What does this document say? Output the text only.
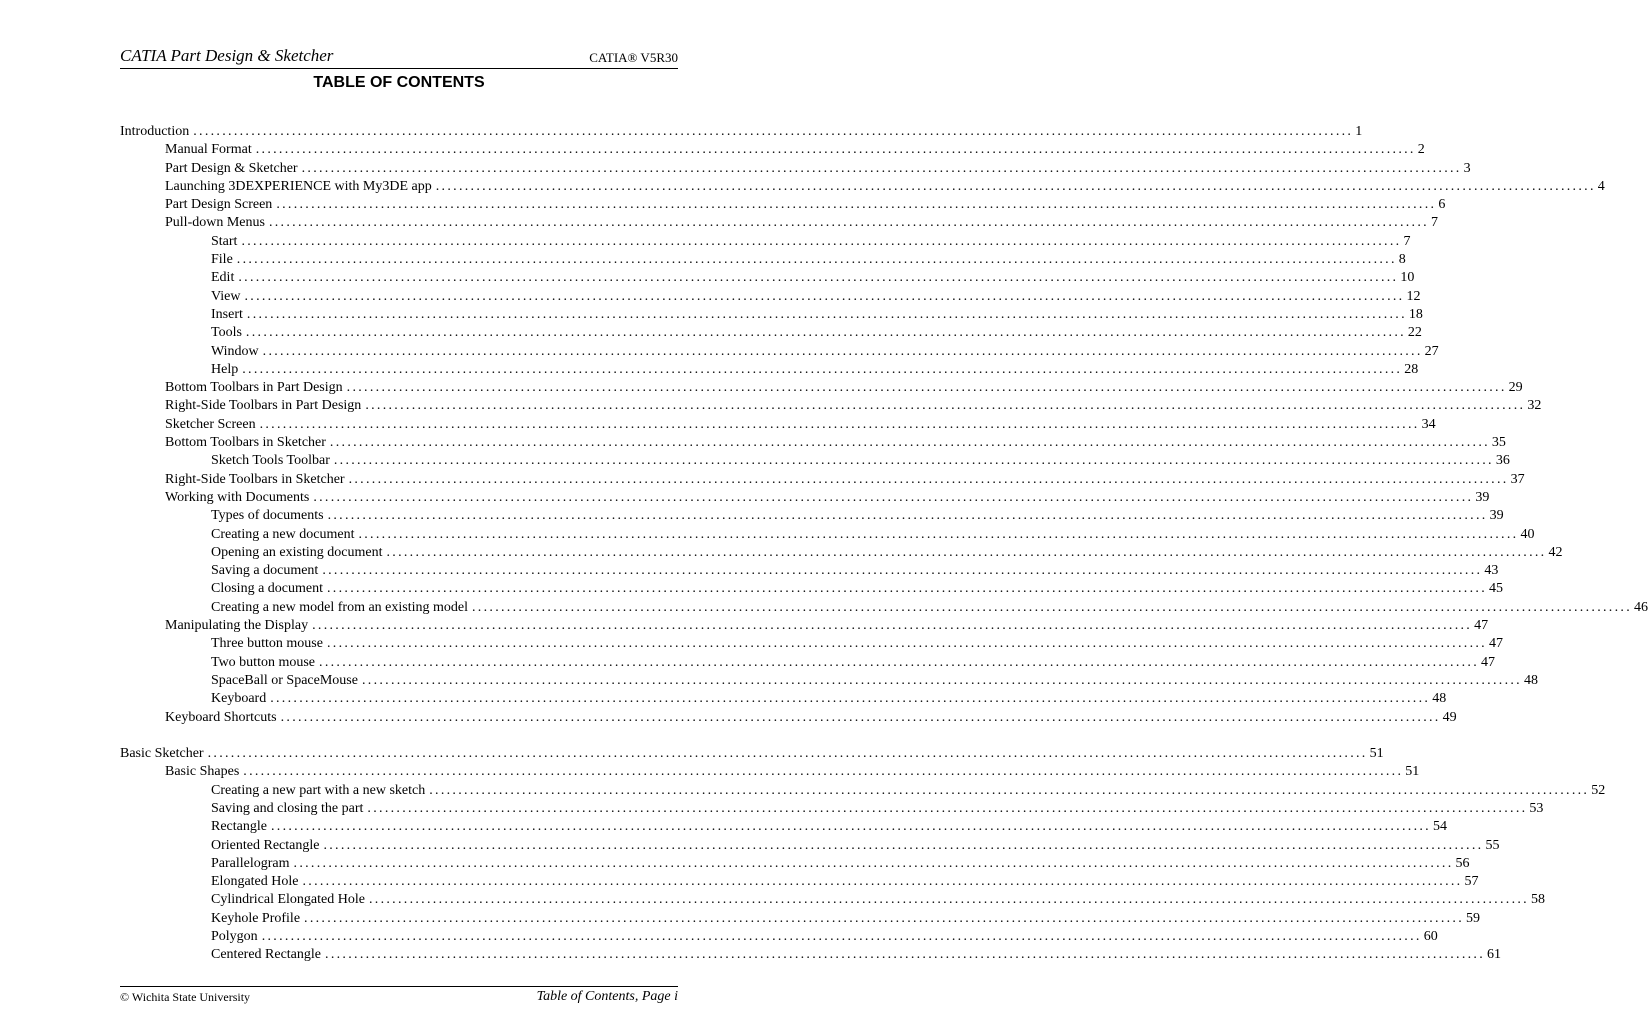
CATIA Part Design & Sketcher	CATIA® V5R30
TABLE OF CONTENTS
Introduction ........................................................................................................................................................................................................ 1
Manual Format ........................................................................................................................................................................................................ 2
Part Design & Sketcher ........................................................................................................................................................................................................ 3
Launching 3DEXPERIENCE with My3DE app ........................................................................................................................................................................................................ 4
Part Design Screen ........................................................................................................................................................................................................ 6
Pull-down Menus ........................................................................................................................................................................................................ 7
Start ........................................................................................................................................................................................................ 7
File ........................................................................................................................................................................................................ 8
Edit ........................................................................................................................................................................................................ 10
View ........................................................................................................................................................................................................ 12
Insert ........................................................................................................................................................................................................ 18
Tools ........................................................................................................................................................................................................ 22
Window ........................................................................................................................................................................................................ 27
Help ........................................................................................................................................................................................................ 28
Bottom Toolbars in Part Design ........................................................................................................................................................................................................ 29
Right-Side Toolbars in Part Design ........................................................................................................................................................................................................ 32
Sketcher Screen ........................................................................................................................................................................................................ 34
Bottom Toolbars in Sketcher ........................................................................................................................................................................................................ 35
Sketch Tools Toolbar ........................................................................................................................................................................................................ 36
Right-Side Toolbars in Sketcher ........................................................................................................................................................................................................ 37
Working with Documents ........................................................................................................................................................................................................ 39
Types of documents ........................................................................................................................................................................................................ 39
Creating a new document ........................................................................................................................................................................................................ 40
Opening an existing document ........................................................................................................................................................................................................ 42
Saving a document ........................................................................................................................................................................................................ 43
Closing a document ........................................................................................................................................................................................................ 45
Creating a new model from an existing model ........................................................................................................................................................................................................ 46
Manipulating the Display ........................................................................................................................................................................................................ 47
Three button mouse ........................................................................................................................................................................................................ 47
Two button mouse ........................................................................................................................................................................................................ 47
SpaceBall or SpaceMouse ........................................................................................................................................................................................................ 48
Keyboard ........................................................................................................................................................................................................ 48
Keyboard Shortcuts ........................................................................................................................................................................................................ 49
Basic Sketcher ........................................................................................................................................................................................................ 51
Basic Shapes ........................................................................................................................................................................................................ 51
Creating a new part with a new sketch ........................................................................................................................................................................................................ 52
Saving and closing the part ........................................................................................................................................................................................................ 53
Rectangle ........................................................................................................................................................................................................ 54
Oriented Rectangle ........................................................................................................................................................................................................ 55
Parallelogram ........................................................................................................................................................................................................ 56
Elongated Hole ........................................................................................................................................................................................................ 57
Cylindrical Elongated Hole ........................................................................................................................................................................................................ 58
Keyhole Profile ........................................................................................................................................................................................................ 59
Polygon ........................................................................................................................................................................................................ 60
Centered Rectangle ........................................................................................................................................................................................................ 61
© Wichita State University	Table of Contents, Page i
